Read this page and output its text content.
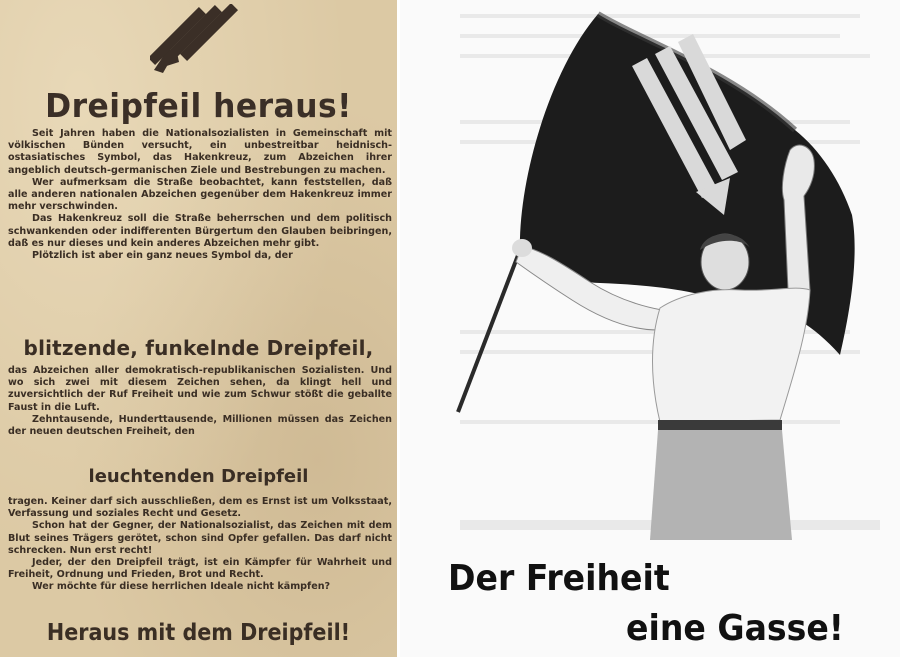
Dreipfeil heraus!

Seit Jahren haben die Nationalsozialisten in Gemeinschaft mit völkischen Bünden versucht, ein unbestreitbar heidnisch-ostasiatisches Symbol, das Hakenkreuz, zum Abzeichen ihrer angeblich deutsch-germanischen Ziele und Bestrebungen zu machen.

Wer aufmerksam die Straße beobachtet, kann feststellen, daß alle anderen nationalen Abzeichen gegenüber dem Hakenkreuz immer mehr verschwinden.

Das Hakenkreuz soll die Straße beherrschen und dem politisch schwankenden oder indifferenten Bürgertum den Glauben beibringen, daß es nur dieses und kein anderes Abzeichen mehr gibt.

Plötzlich ist aber ein ganz neues Symbol da, der

blitzende, funkelnde Dreipfeil,

das Abzeichen aller demokratisch-republikanischen Sozialisten. Und wo sich zwei mit diesem Zeichen sehen, da klingt hell und zuversichtlich der Ruf Freiheit und wie zum Schwur stößt die geballte Faust in die Luft.

Zehntausende, Hunderttausende, Millionen müssen das Zeichen der neuen deutschen Freiheit, den

leuchtenden Dreipfeil

tragen. Keiner darf sich ausschließen, dem es Ernst ist um Volksstaat, Verfassung und soziales Recht und Gesetz.

Schon hat der Gegner, der Nationalsozialist, das Zeichen mit dem Blut seines Trägers gerötet, schon sind Opfer gefallen. Das darf nicht schrecken. Nun erst recht!

Jeder, der den Dreipfeil trägt, ist ein Kämpfer für Wahrheit und Freiheit, Ordnung und Frieden, Brot und Recht.

Wer möchte für diese herrlichen Ideale nicht kämpfen?

Heraus mit dem Dreipfeil!
Der Freiheit
eine Gasse!
